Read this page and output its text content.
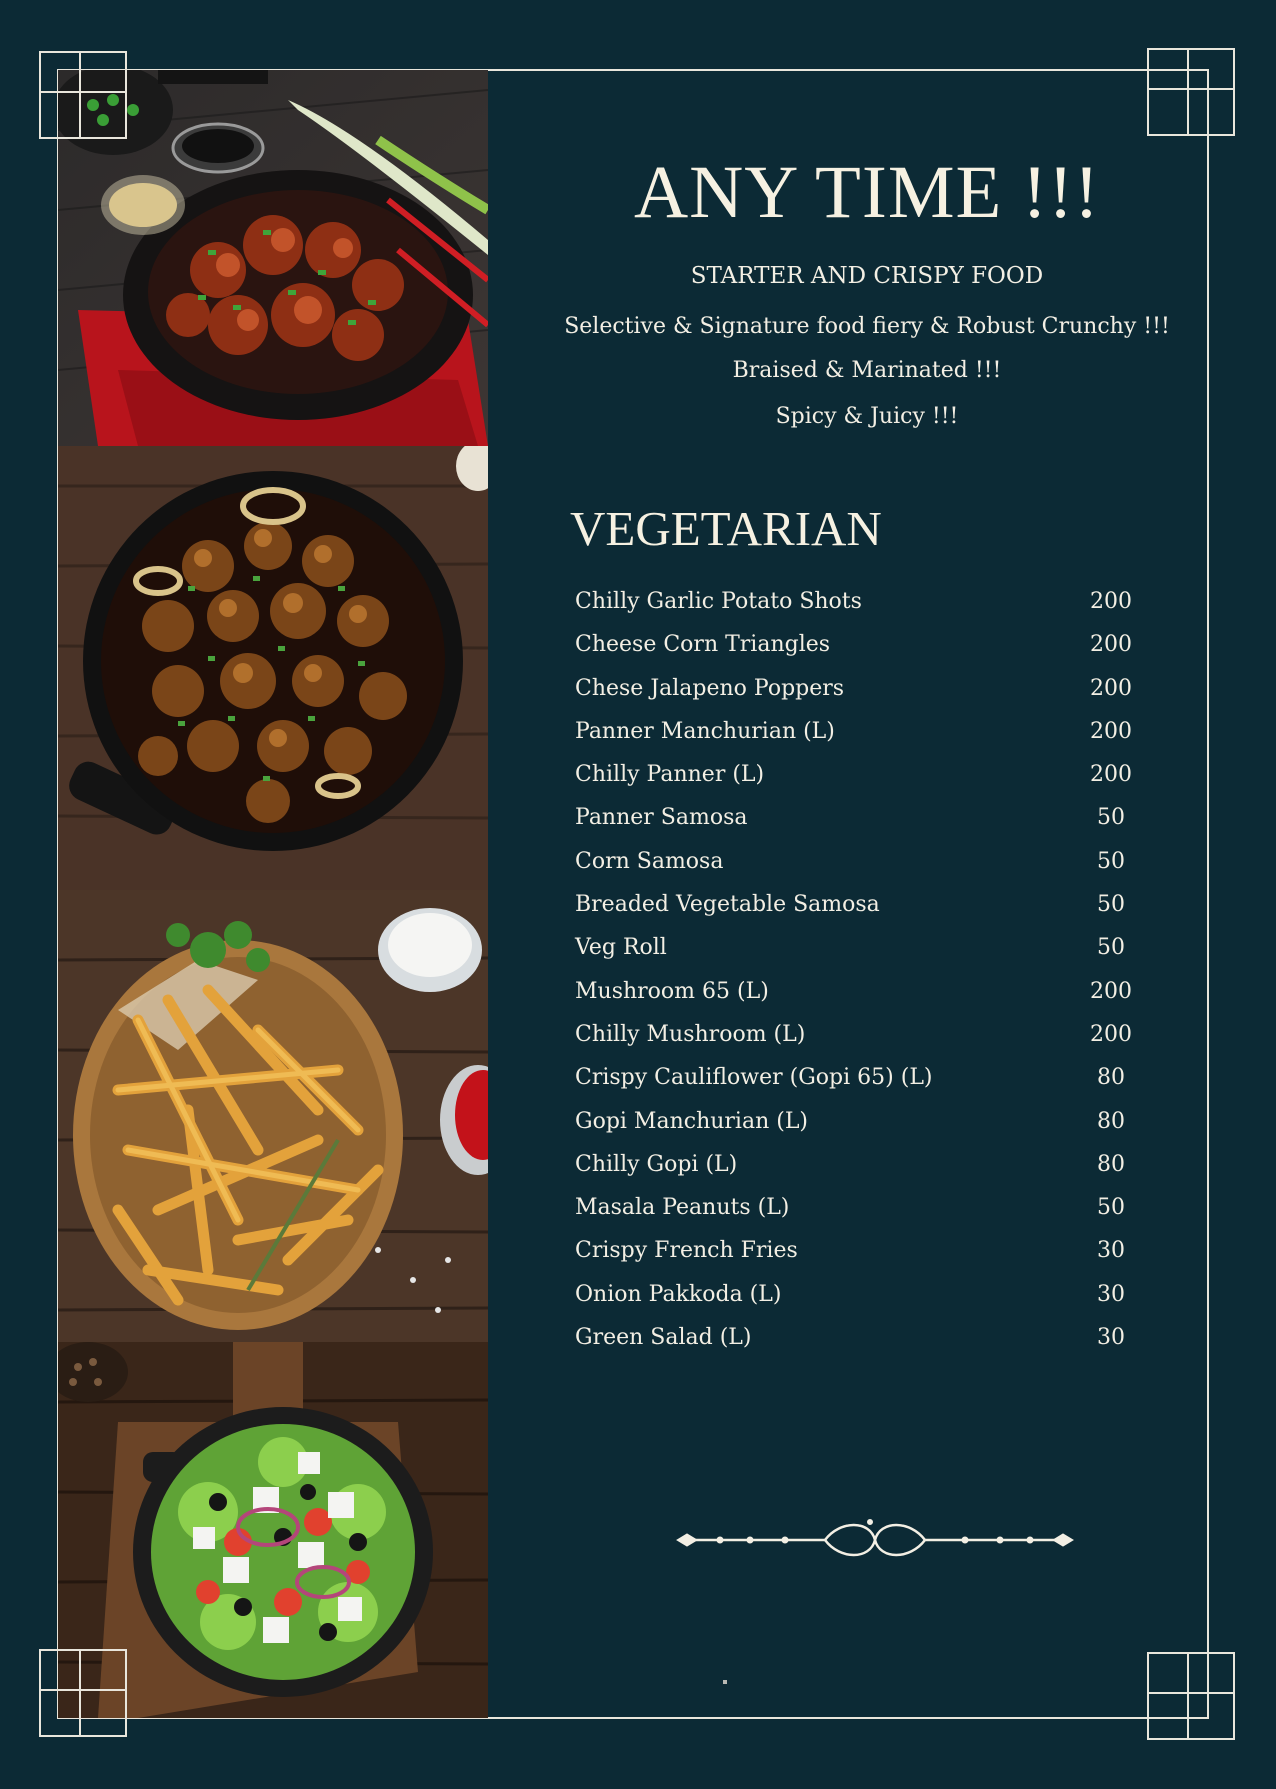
ANY TIME !!!
STARTER AND CRISPY FOOD
Selective & Signature food fiery & Robust Crunchy !!!
Braised & Marinated !!!
Spicy & Juicy !!!
VEGETARIAN
Chilly Garlic Potato Shots	200
Cheese Corn Triangles	200
Chese Jalapeno Poppers	200
Panner Manchurian (L)	200
Chilly Panner (L)	200
Panner Samosa	50
Corn Samosa	50
Breaded Vegetable Samosa	50
Veg Roll	50
Mushroom 65 (L)	200
Chilly Mushroom (L)	200
Crispy Cauliflower (Gopi 65) (L)	80
Gopi Manchurian (L)	80
Chilly Gopi (L)	80
Masala Peanuts (L)	50
Crispy French Fries	30
Onion Pakkoda (L)	30
Green Salad (L)	30
